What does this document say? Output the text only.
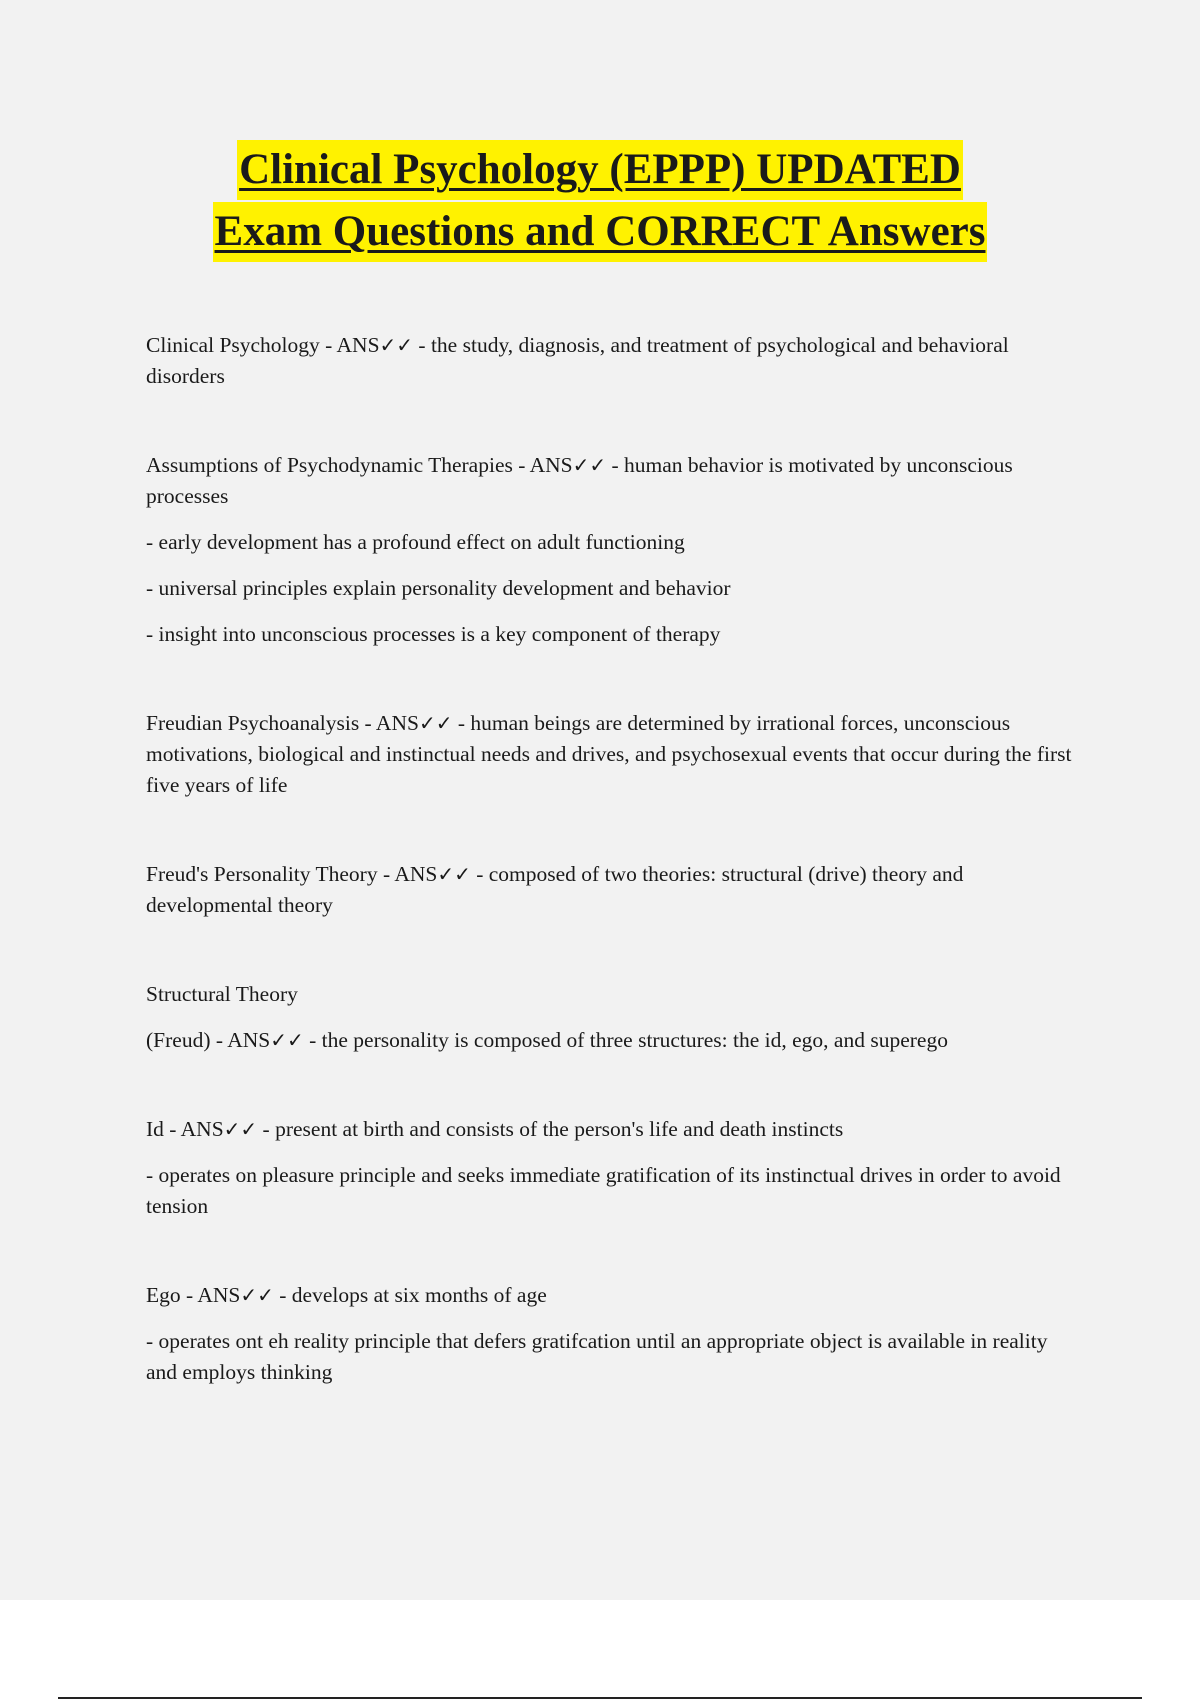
Clinical Psychology (EPPP) UPDATED
Exam Questions and CORRECT Answers

Clinical Psychology - ANS✓✓ - the study, diagnosis, and treatment of psychological and behavioral disorders

Assumptions of Psychodynamic Therapies - ANS✓✓ - human behavior is motivated by unconscious processes

- early development has a profound effect on adult functioning

- universal principles explain personality development and behavior

- insight into unconscious processes is a key component of therapy

Freudian Psychoanalysis - ANS✓✓ - human beings are determined by irrational forces, unconscious motivations, biological and instinctual needs and drives, and psychosexual events that occur during the first five years of life

Freud's Personality Theory - ANS✓✓ - composed of two theories: structural (drive) theory and developmental theory

Structural Theory

(Freud) - ANS✓✓ - the personality is composed of three structures: the id, ego, and superego

Id - ANS✓✓ - present at birth and consists of the person's life and death instincts

- operates on pleasure principle and seeks immediate gratification of its instinctual drives in order to avoid tension

Ego - ANS✓✓ - develops at six months of age

- operates ont eh reality principle that defers gratifcation until an appropriate object is available in reality and employs thinking
